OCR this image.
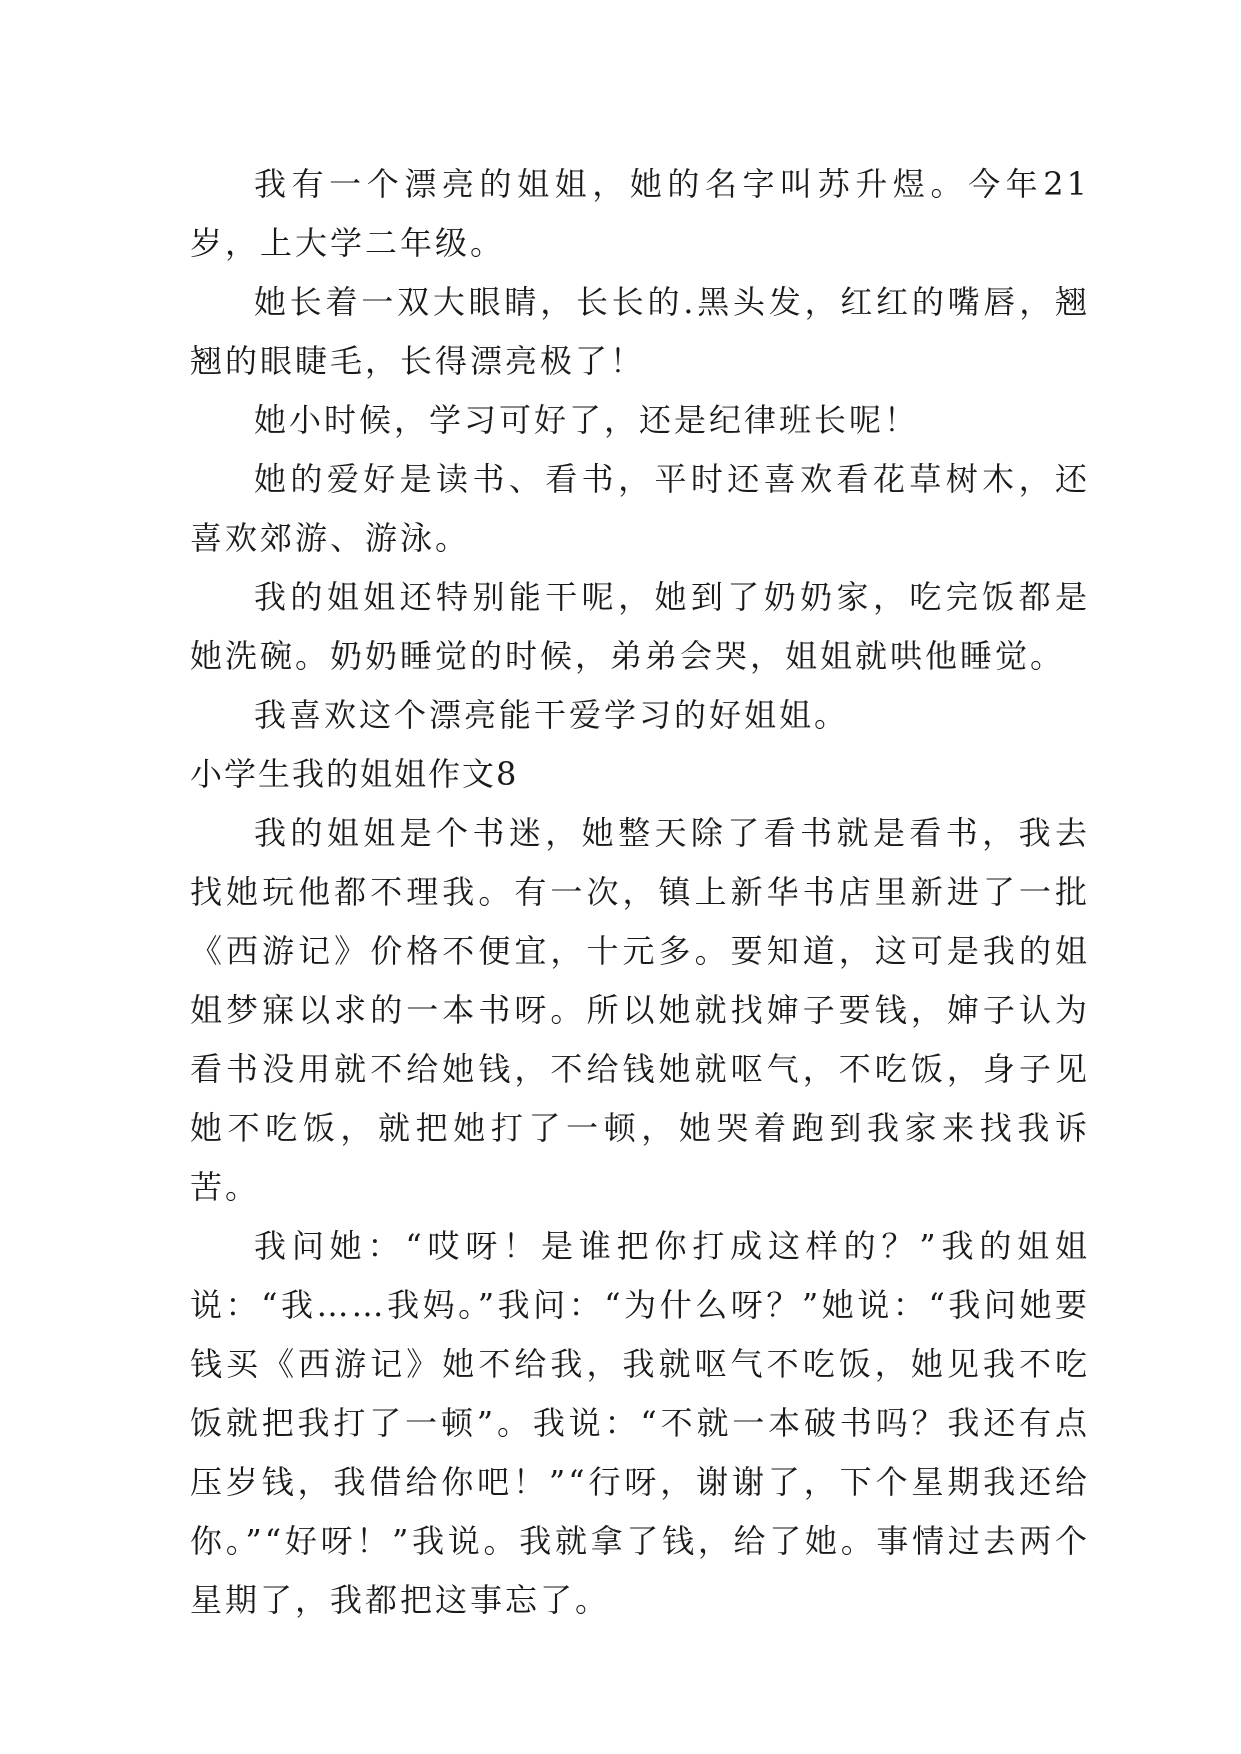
我有一个漂亮的姐姐，她的名字叫苏升煜。今年21岁，上大学二年级。

她长着一双大眼睛，长长的.黑头发，红红的嘴唇，翘翘的眼睫毛，长得漂亮极了！

她小时候，学习可好了，还是纪律班长呢！

她的爱好是读书、看书，平时还喜欢看花草树木，还喜欢郊游、游泳。

我的姐姐还特别能干呢，她到了奶奶家，吃完饭都是她洗碗。奶奶睡觉的时候，弟弟会哭，姐姐就哄他睡觉。

我喜欢这个漂亮能干爱学习的好姐姐。

小学生我的姐姐作文8

我的姐姐是个书迷，她整天除了看书就是看书，我去找她玩他都不理我。有一次，镇上新华书店里新进了一批《西游记》价格不便宜，十元多。要知道，这可是我的姐姐梦寐以求的一本书呀。所以她就找婶子要钱，婶子认为看书没用就不给她钱，不给钱她就呕气，不吃饭，身子见她不吃饭，就把她打了一顿，她哭着跑到我家来找我诉苦。

我问她：“哎呀！是谁把你打成这样的？”我的姐姐说：“我……我妈。”我问：“为什么呀？”她说：“我问她要钱买《西游记》她不给我，我就呕气不吃饭，她见我不吃饭就把我打了一顿”。我说：“不就一本破书吗？我还有点压岁钱，我借给你吧！”“行呀，谢谢了，下个星期我还给你。”“好呀！”我说。我就拿了钱，给了她。事情过去两个星期了，我都把这事忘了。
